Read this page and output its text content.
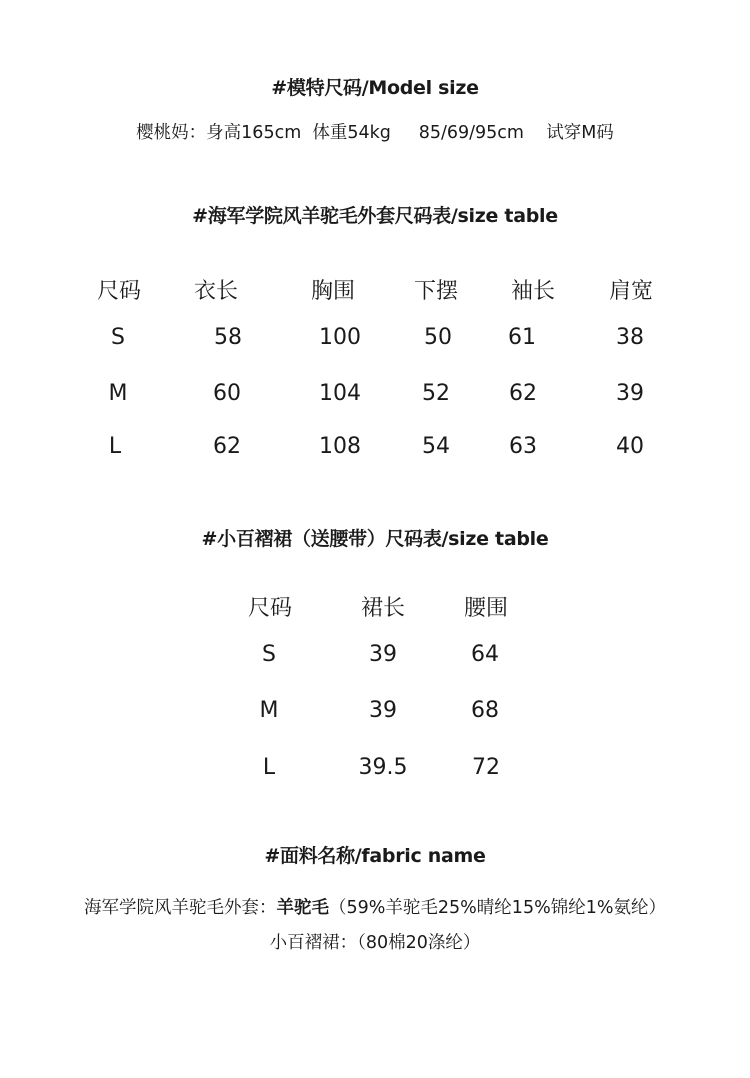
#模特尺码/Model size
樱桃妈：身高165cm  体重54kg     85/69/95cm    试穿M码
#海军学院风羊驼毛外套尺码表/size table
尺码 衣长	胸围	下摆 袖长 肩宽
S	58	100	50	61	38
M	60	104	52	62	39
L	62	108	54	63	40
#小百褶裙（送腰带）尺码表/size table
尺码	裙长	腰围
S	39	64
M	39	68
L	39.5	72
#面料名称/fabric name
海军学院风羊驼毛外套：羊驼毛（59%羊驼毛25%晴纶15%锦纶1%氨纶）
小百褶裙：（80棉20涤纶）
